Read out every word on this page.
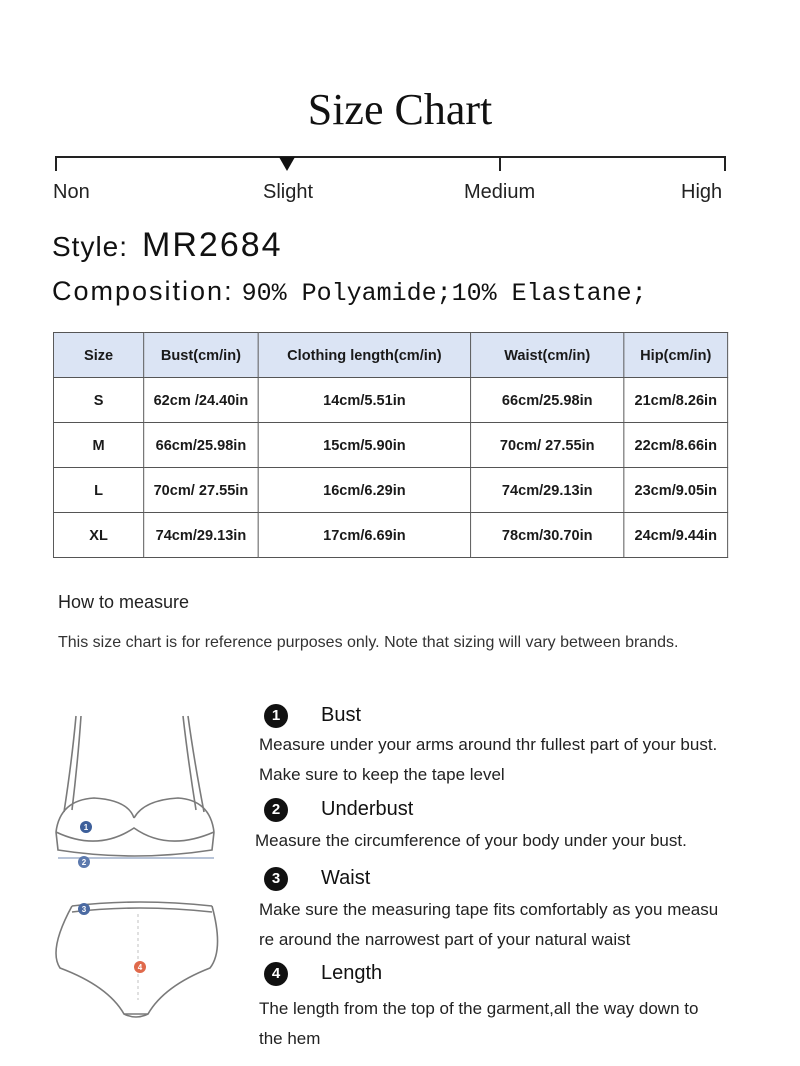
Size Chart
Non	Slight	Medium	High
Style: MR2684
Composition: 90% Polyamide;10% Elastane;
Size	Bust(cm/in)	Clothing length(cm/in)	Waist(cm/in)	Hip(cm/in)
S	62cm /24.40in	14cm/5.51in	66cm/25.98in	21cm/8.26in
M	66cm/25.98in	15cm/5.90in	70cm/ 27.55in	22cm/8.66in
L	70cm/ 27.55in	16cm/6.29in	74cm/29.13in	23cm/9.05in
XL	74cm/29.13in	17cm/6.69in	78cm/30.70in	24cm/9.44in
How to measure
This size chart is for reference purposes only. Note that sizing will vary between brands.
1
2
3
4
1	Bust
Measure under your arms around thr fullest part of your bust.
Make sure to keep the tape level
2	Underbust
Measure the circumference of your body under your bust.
3	Waist
Make sure the measuring tape fits comfortably as you measu
re around the narrowest part of your natural waist
4	Length
The length from the top of the garment,all the way down to
the hem
